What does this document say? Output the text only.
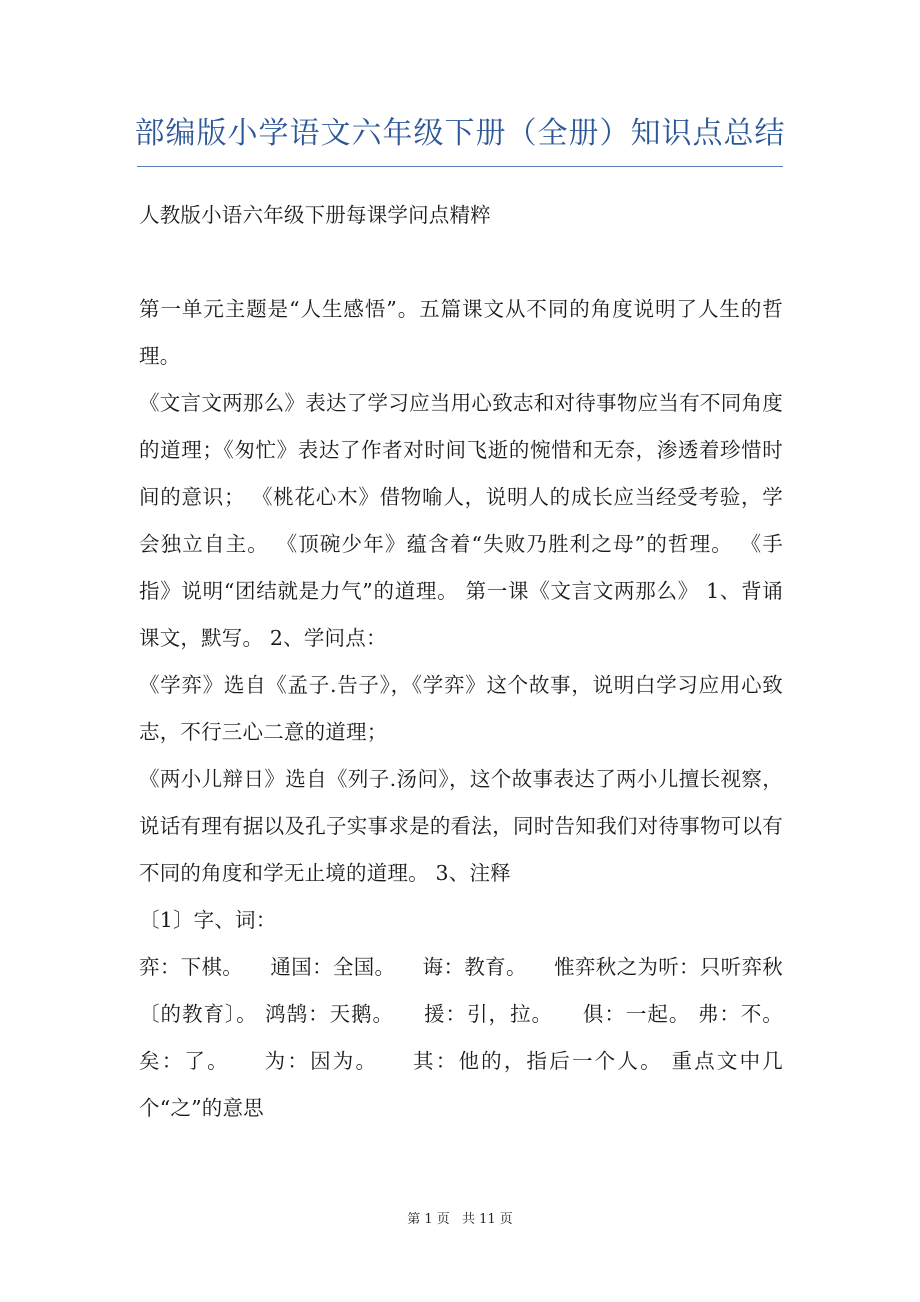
部编版小学语文六年级下册（全册）知识点总结

人教版小语六年级下册每课学问点精粹

第一单元主题是“人生感悟”。五篇课文从不同的角度说明了人生的哲理。

《文言文两那么》表达了学习应当用心致志和对待事物应当有不同角度的道理；《匆忙》表达了作者对时间飞逝的惋惜和无奈，渗透着珍惜时间的意识； 《桃花心木》借物喻人，说明人的成长应当经受考验，学会独立自主。 《顶碗少年》蕴含着“失败乃胜利之母”的哲理。 《手指》说明“团结就是力气”的道理。 第一课《文言文两那么》 1、背诵课文，默写。 2、学问点：

《学弈》选自《孟子.告子》，《学弈》这个故事，说明白学习应用心致志，不行三心二意的道理；

《两小儿辩日》选自《列子.汤问》，这个故事表达了两小儿擅长视察，说话有理有据以及孔子实事求是的看法，同时告知我们对待事物可以有不同的角度和学无止境的道理。 3、注释

〔1〕字、词：

弈：下棋。    通国：全国。    诲：教育。    惟弈秋之为听：只听弈秋〔的教育〕。 鸿鹄：天鹅。    援：引，拉。    俱：一起。 弗：不。    矣：了。    为：因为。    其：他的，指后一个人。 重点文中几个“之”的意思

第 1 页 共 11 页
